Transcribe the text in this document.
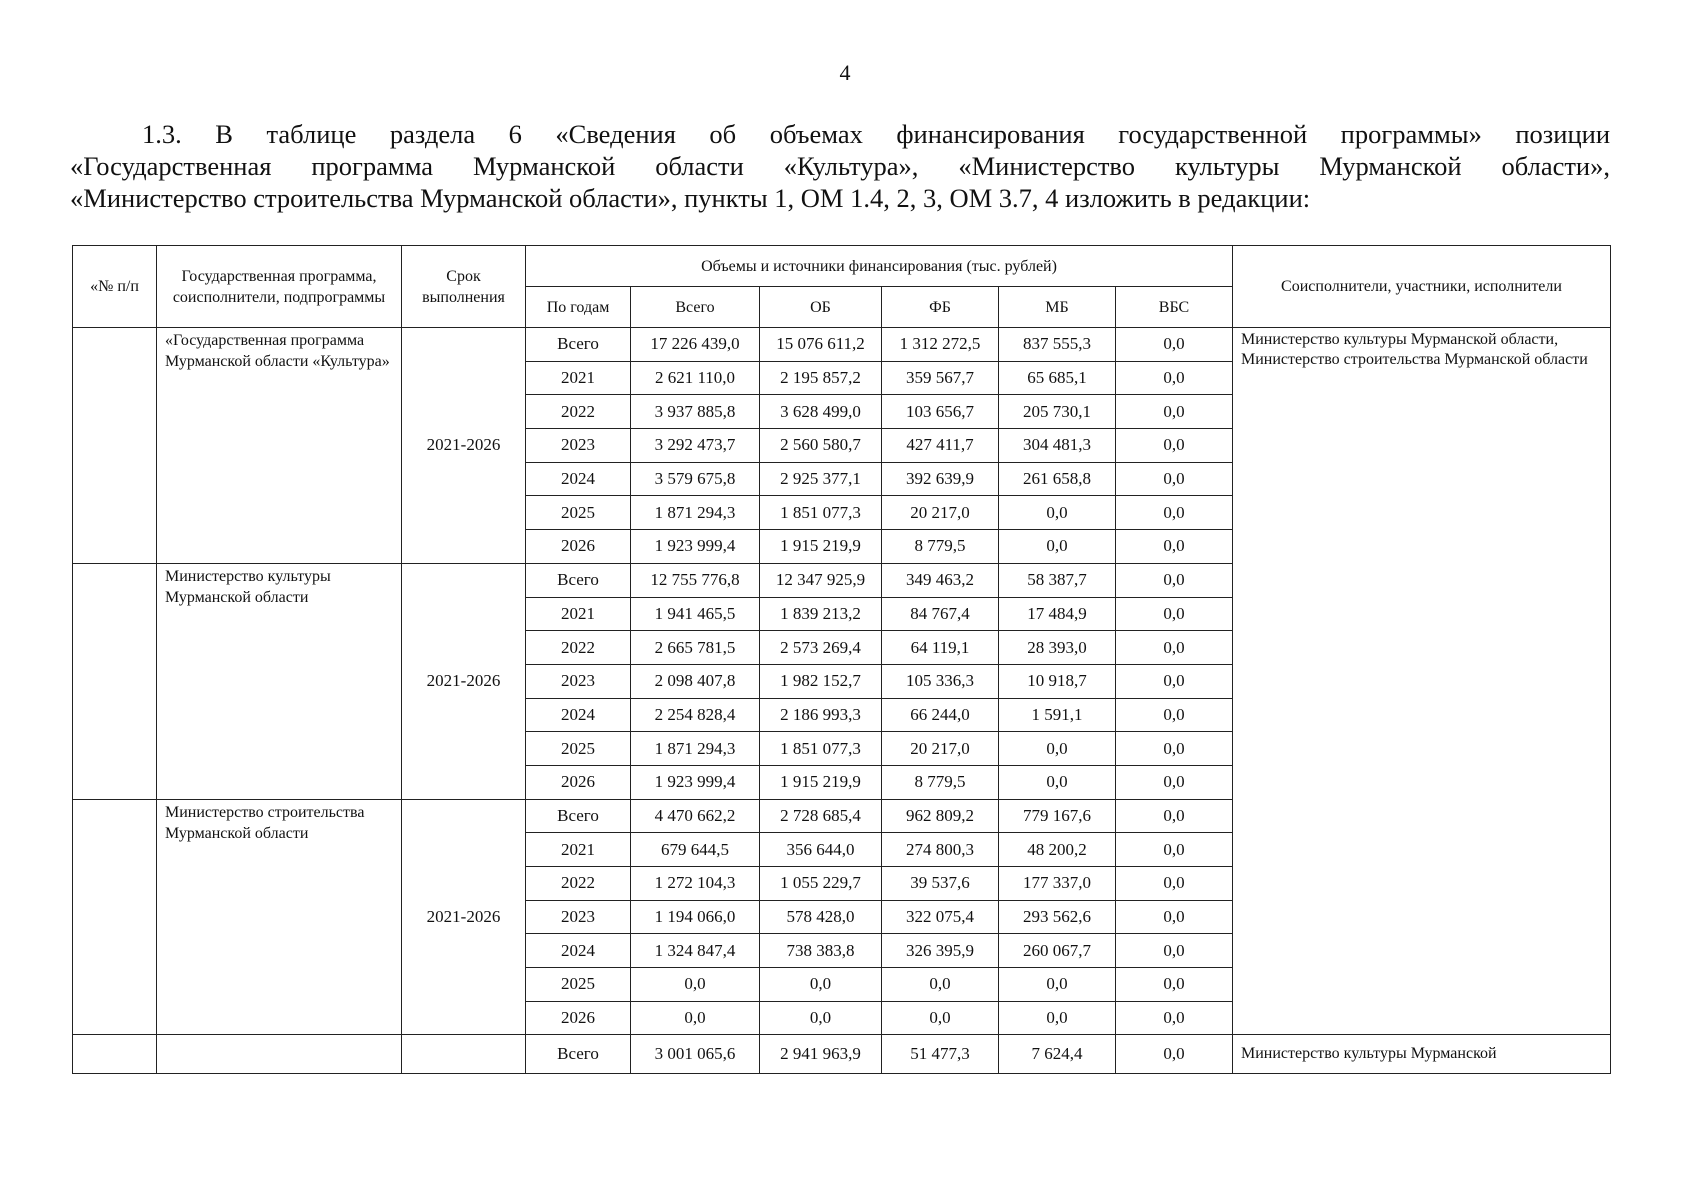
4
1.3. В таблице раздела 6 «Сведения об объемах финансирования государственной программы» позиции
«Государственная программа Мурманской области «Культура», «Министерство культуры Мурманской области»,
«Министерство строительства Мурманской области», пункты 1, ОМ 1.4, 2, 3, ОМ 3.7, 4 изложить в редакции:
«№ п/п	Государственная программа, соисполнители, подпрограммы	Срок выполнения	Объемы и источники финансирования (тыс. рублей)						Соисполнители, участники, исполнители
			По годам	Всего	ОБ	ФБ	МБ	ВБС	
	«Государственная программа Мурманской области «Культура»	2021-2026	Всего	17 226 439,0	15 076 611,2	1 312 272,5	837 555,3	0,0	Министерство культуры Мурманской области, Министерство строительства Мурманской области
			2021	2 621 110,0	2 195 857,2	359 567,7	65 685,1	0,0	
			2022	3 937 885,8	3 628 499,0	103 656,7	205 730,1	0,0	
			2023	3 292 473,7	2 560 580,7	427 411,7	304 481,3	0,0	
			2024	3 579 675,8	2 925 377,1	392 639,9	261 658,8	0,0	
			2025	1 871 294,3	1 851 077,3	20 217,0	0,0	0,0	
			2026	1 923 999,4	1 915 219,9	8 779,5	0,0	0,0	
	Министерство культуры Мурманской области	2021-2026	Всего	12 755 776,8	12 347 925,9	349 463,2	58 387,7	0,0	
			2021	1 941 465,5	1 839 213,2	84 767,4	17 484,9	0,0	
			2022	2 665 781,5	2 573 269,4	64 119,1	28 393,0	0,0	
			2023	2 098 407,8	1 982 152,7	105 336,3	10 918,7	0,0	
			2024	2 254 828,4	2 186 993,3	66 244,0	1 591,1	0,0	
			2025	1 871 294,3	1 851 077,3	20 217,0	0,0	0,0	
			2026	1 923 999,4	1 915 219,9	8 779,5	0,0	0,0	
	Министерство строительства Мурманской области	2021-2026	Всего	4 470 662,2	2 728 685,4	962 809,2	779 167,6	0,0	
			2021	679 644,5	356 644,0	274 800,3	48 200,2	0,0	
			2022	1 272 104,3	1 055 229,7	39 537,6	177 337,0	0,0	
			2023	1 194 066,0	578 428,0	322 075,4	293 562,6	0,0	
			2024	1 324 847,4	738 383,8	326 395,9	260 067,7	0,0	
			2025	0,0	0,0	0,0	0,0	0,0	
			2026	0,0	0,0	0,0	0,0	0,0	
			Всего	3 001 065,6	2 941 963,9	51 477,3	7 624,4	0,0	Министерство культуры Мурманской
